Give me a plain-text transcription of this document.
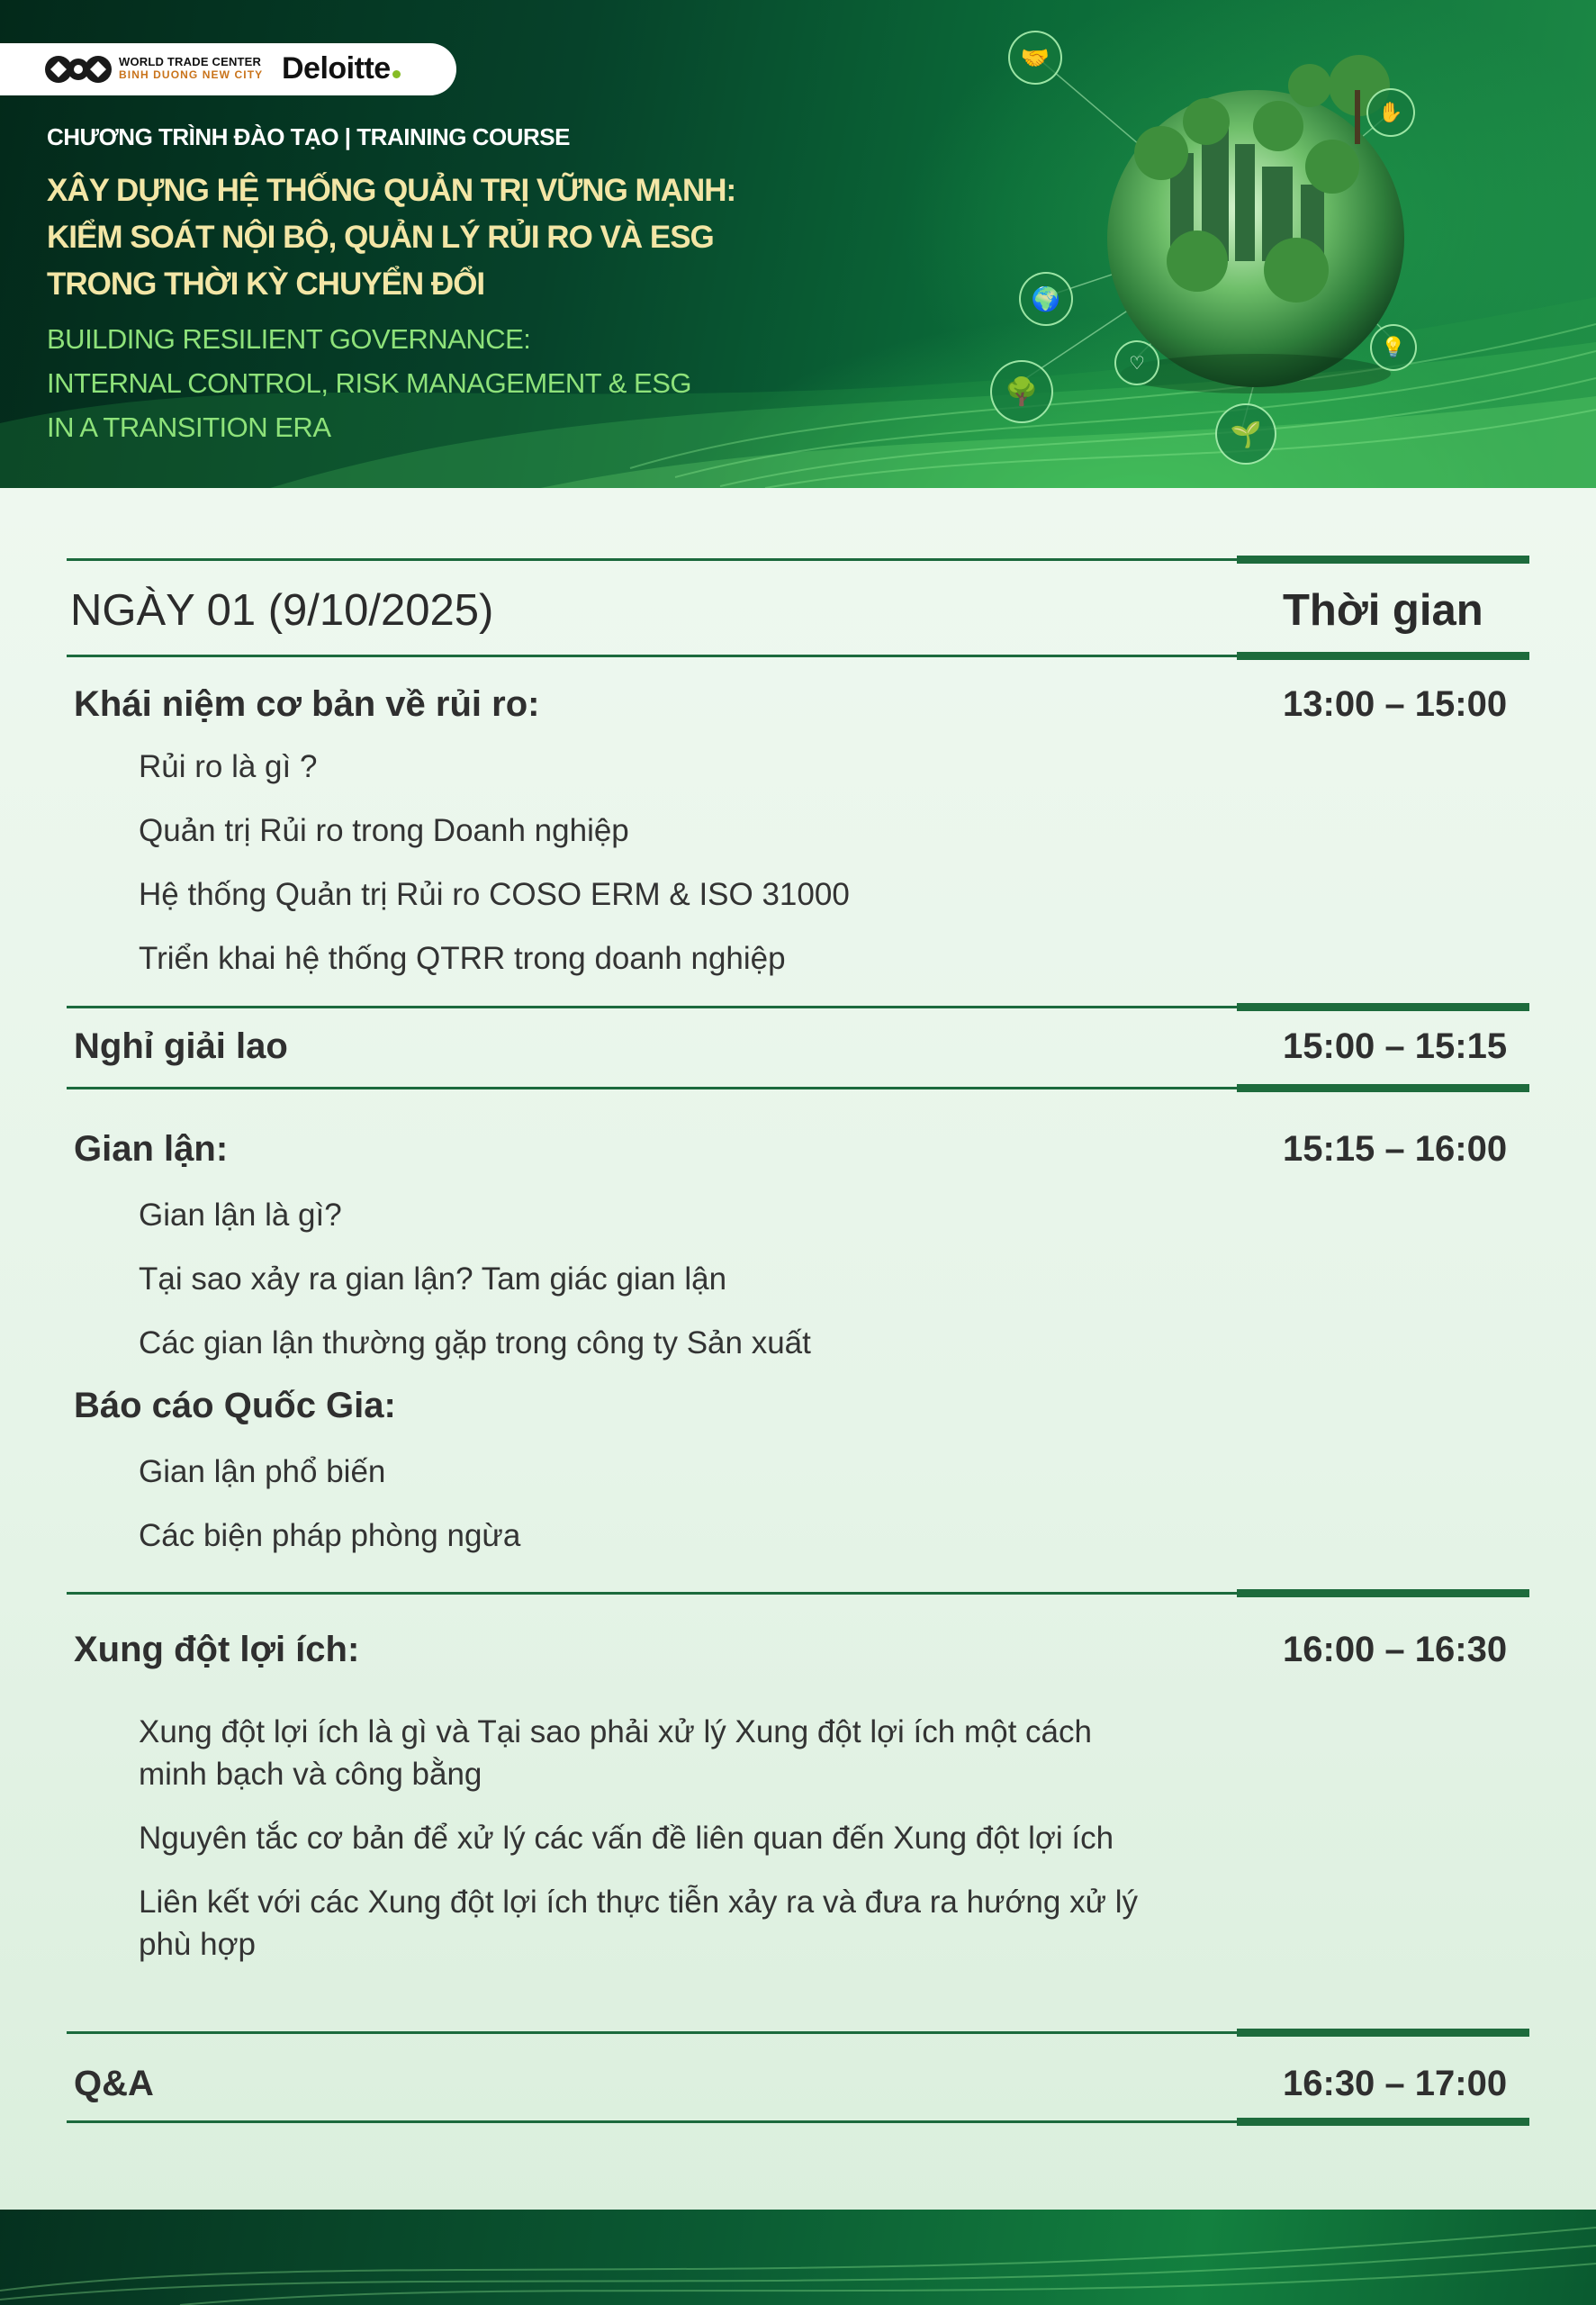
WORLD TRADE CENTER
BINH DUONG NEW CITY Deloitte
CHƯƠNG TRÌNH ĐÀO TẠO | TRAINING COURSE
XÂY DỰNG HỆ THỐNG QUẢN TRỊ VỮNG MẠNH:
KIỂM SOÁT NỘI BỘ, QUẢN LÝ RỦI RO VÀ ESG
TRONG THỜI KỲ CHUYỂN ĐỔI
BUILDING RESILIENT GOVERNANCE:
INTERNAL CONTROL, RISK MANAGEMENT & ESG
IN A TRANSITION ERA
🤝
✋
🌍
♡
💡
🌳
🌱
NGÀY 01 (9/10/2025)	Thời gian
Khái niệm cơ bản về rủi ro:	13:00 – 15:00
Rủi ro là gì ?
Quản trị Rủi ro trong Doanh nghiệp
Hệ thống Quản trị Rủi ro COSO ERM & ISO 31000
Triển khai hệ thống QTRR trong doanh nghiệp
Nghỉ giải lao	15:00 – 15:15
Gian lận:	15:15 – 16:00
Gian lận là gì?
Tại sao xảy ra gian lận? Tam giác gian lận
Các gian lận thường gặp trong công ty Sản xuất
Báo cáo Quốc Gia:
Gian lận phổ biến
Các biện pháp phòng ngừa
Xung đột lợi ích:	16:00 – 16:30
Xung đột lợi ích là gì và Tại sao phải xử lý Xung đột lợi ích một cách
minh bạch và công bằng
Nguyên tắc cơ bản để xử lý các vấn đề liên quan đến Xung đột lợi ích
Liên kết với các Xung đột lợi ích thực tiễn xảy ra và đưa ra hướng xử lý
phù hợp
Q&A	16:30 – 17:00
